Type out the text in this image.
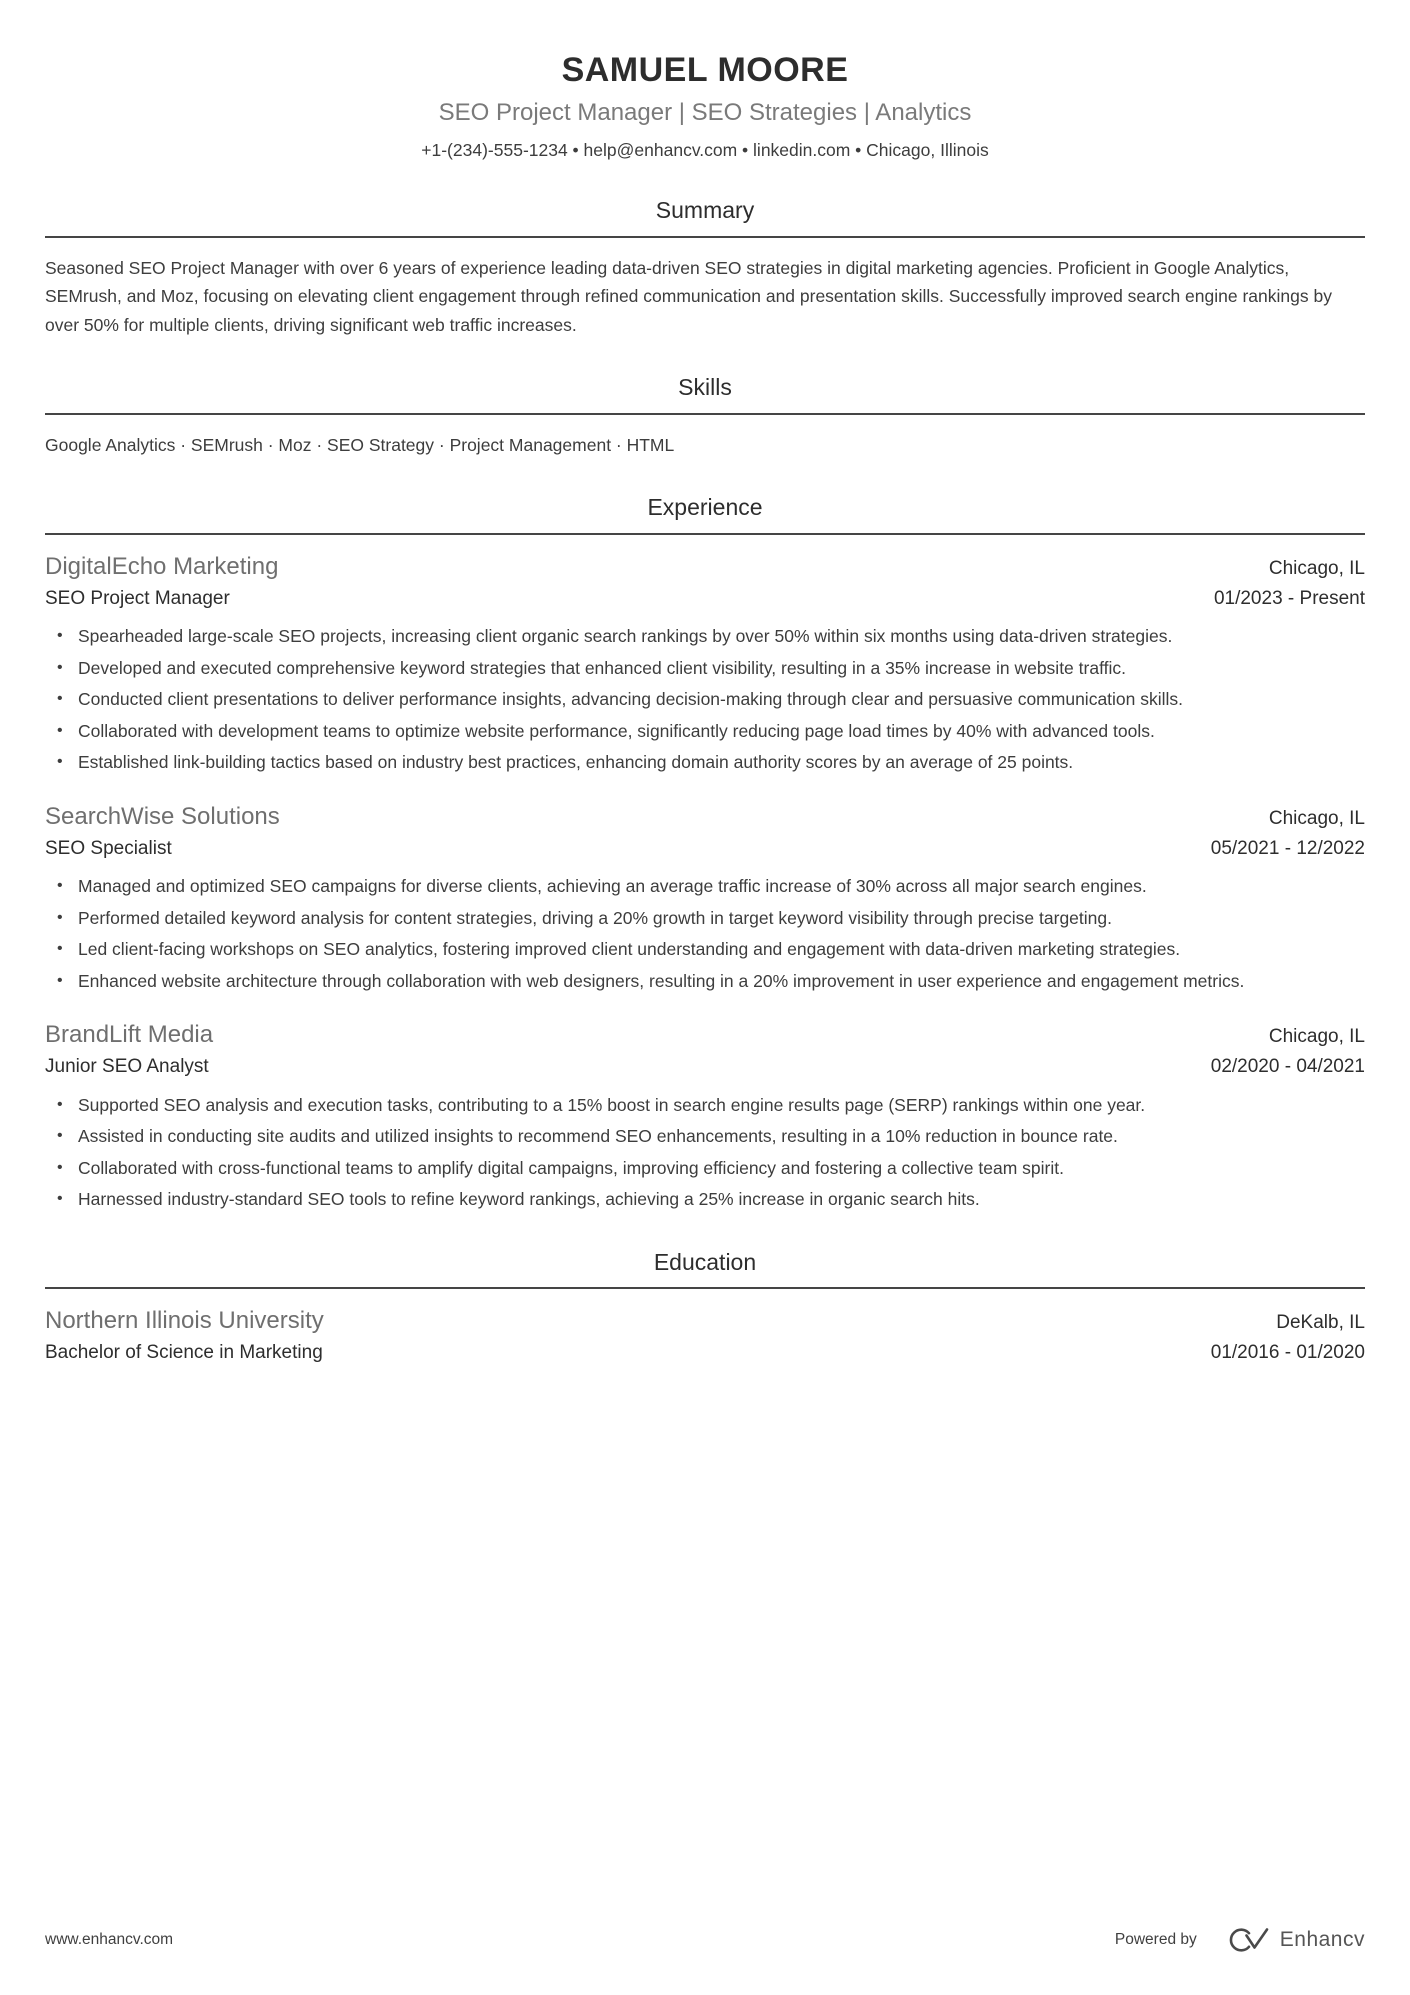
SAMUEL MOORE
SEO Project Manager | SEO Strategies | Analytics
+1-(234)-555-1234 • help@enhancv.com • linkedin.com • Chicago, Illinois
Summary

Seasoned SEO Project Manager with over 6 years of experience leading data-driven SEO strategies in digital marketing agencies. Proficient in Google Analytics, SEMrush, and Moz, focusing on elevating client engagement through refined communication and presentation skills. Successfully improved search engine rankings by over 50% for multiple clients, driving significant web traffic increases.

Skills
Google Analytics · SEMrush · Moz · SEO Strategy · Project Management · HTML
Experience
DigitalEcho Marketing	Chicago, IL
SEO Project Manager	01/2023 - Present
• Spearheaded large-scale SEO projects, increasing client organic search rankings by over 50% within six months using data-driven strategies.
• Developed and executed comprehensive keyword strategies that enhanced client visibility, resulting in a 35% increase in website traffic.
• Conducted client presentations to deliver performance insights, advancing decision-making through clear and persuasive communication skills.
• Collaborated with development teams to optimize website performance, significantly reducing page load times by 40% with advanced tools.
• Established link-building tactics based on industry best practices, enhancing domain authority scores by an average of 25 points.
SearchWise Solutions	Chicago, IL
SEO Specialist	05/2021 - 12/2022
• Managed and optimized SEO campaigns for diverse clients, achieving an average traffic increase of 30% across all major search engines.
• Performed detailed keyword analysis for content strategies, driving a 20% growth in target keyword visibility through precise targeting.
• Led client-facing workshops on SEO analytics, fostering improved client understanding and engagement with data-driven marketing strategies.
• Enhanced website architecture through collaboration with web designers, resulting in a 20% improvement in user experience and engagement metrics.
BrandLift Media	Chicago, IL
Junior SEO Analyst	02/2020 - 04/2021
• Supported SEO analysis and execution tasks, contributing to a 15% boost in search engine results page (SERP) rankings within one year.
• Assisted in conducting site audits and utilized insights to recommend SEO enhancements, resulting in a 10% reduction in bounce rate.
• Collaborated with cross-functional teams to amplify digital campaigns, improving efficiency and fostering a collective team spirit.
• Harnessed industry-standard SEO tools to refine keyword rankings, achieving a 25% increase in organic search hits.
Education
Northern Illinois University	DeKalb, IL
Bachelor of Science in Marketing	01/2016 - 01/2020
www.enhancv.com	Powered by	Enhancv
